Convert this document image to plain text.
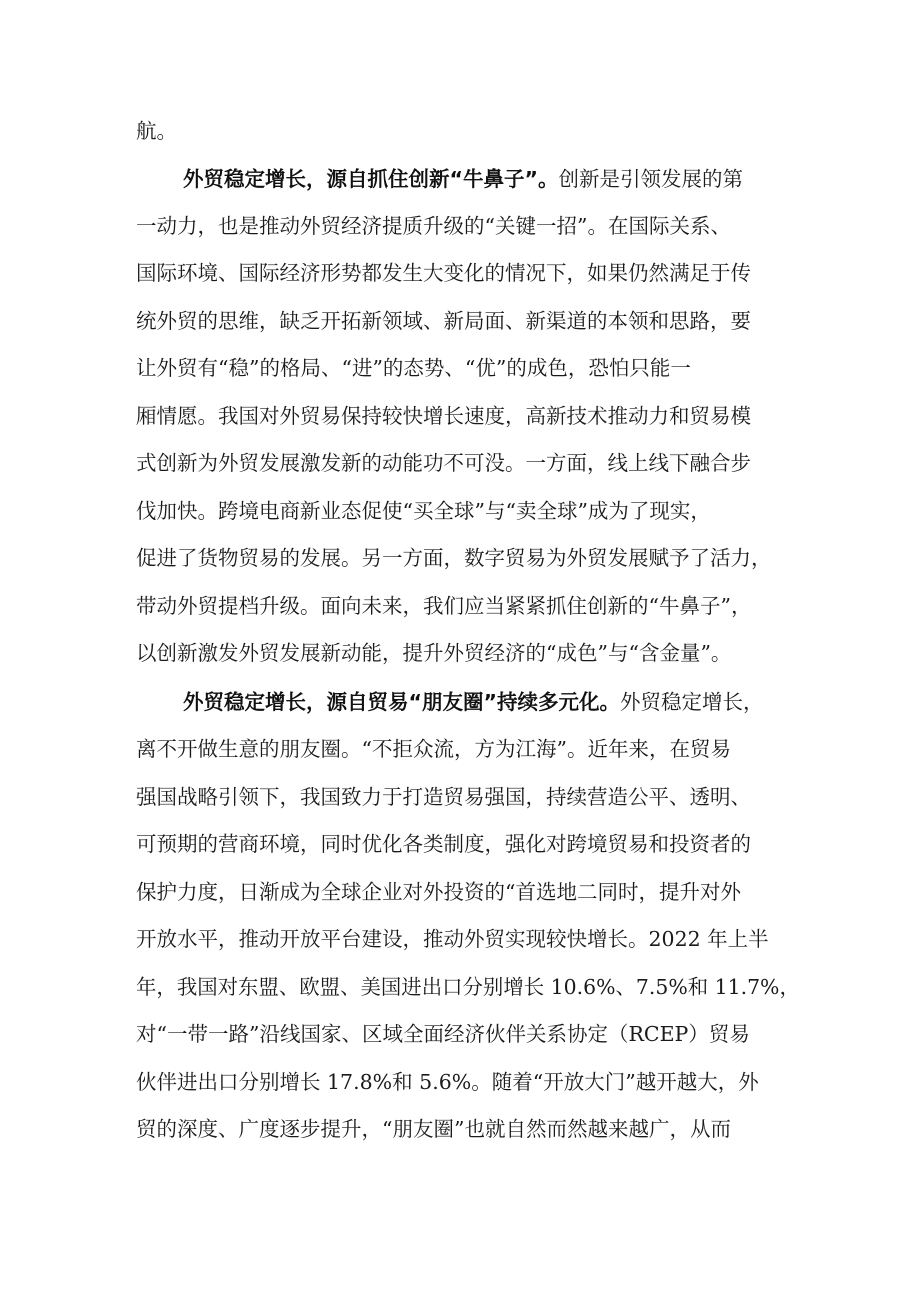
航。
外贸稳定增长，源自抓住创新“牛鼻子”。创新是引领发展的第
一动力，也是推动外贸经济提质升级的“关键一招”。在国际关系、
国际环境、国际经济形势都发生大变化的情况下，如果仍然满足于传
统外贸的思维，缺乏开拓新领域、新局面、新渠道的本领和思路，要
让外贸有“稳”的格局、“进”的态势、“优”的成色，恐怕只能一
厢情愿。我国对外贸易保持较快增长速度，高新技术推动力和贸易模
式创新为外贸发展激发新的动能功不可没。一方面，线上线下融合步
伐加快。跨境电商新业态促使“买全球”与“卖全球”成为了现实，
促进了货物贸易的发展。另一方面，数字贸易为外贸发展赋予了活力，
带动外贸提档升级。面向未来，我们应当紧紧抓住创新的“牛鼻子”，
以创新激发外贸发展新动能，提升外贸经济的“成色”与“含金量”。
外贸稳定增长，源自贸易“朋友圈”持续多元化。外贸稳定增长，
离不开做生意的朋友圈。“不拒众流，方为江海”。近年来，在贸易
强国战略引领下，我国致力于打造贸易强国，持续营造公平、透明、
可预期的营商环境，同时优化各类制度，强化对跨境贸易和投资者的
保护力度，日渐成为全球企业对外投资的“首选地二同时，提升对外
开放水平，推动开放平台建设，推动外贸实现较快增长。2022 年上半
年，我国对东盟、欧盟、美国进出口分别增长 10.6%、7.5%和 11.7%，
对“一带一路”沿线国家、区域全面经济伙伴关系协定（RCEP）贸易
伙伴进出口分别增长 17.8%和 5.6%。随着“开放大门”越开越大，外
贸的深度、广度逐步提升，“朋友圈”也就自然而然越来越广，从而
